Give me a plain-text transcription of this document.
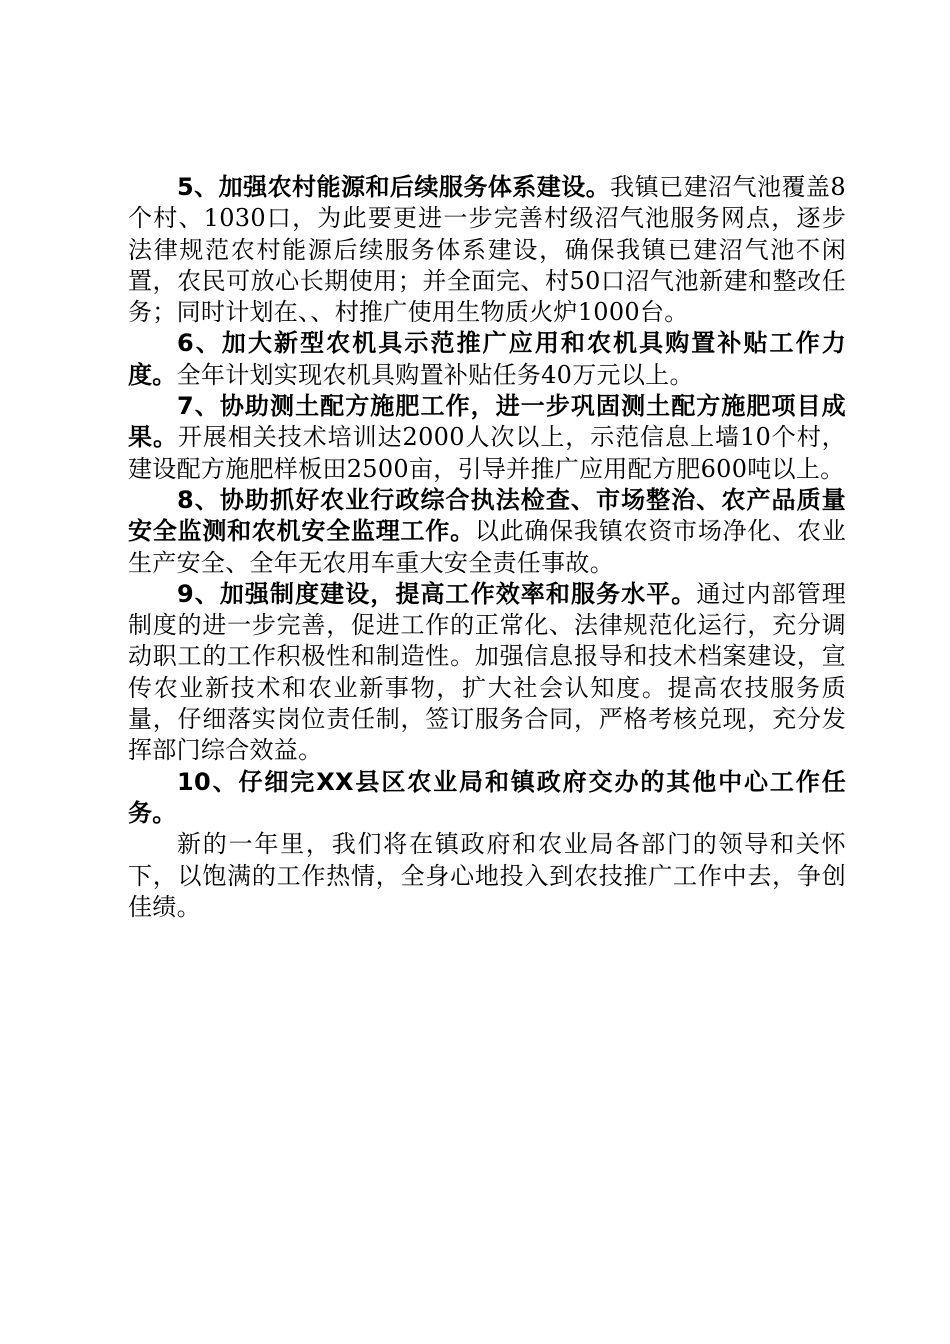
5、加强农村能源和后续服务体系建设。我镇已建沼气池覆盖8个村、1030口，为此要更进一步完善村级沼气池服务网点，逐步法律规范农村能源后续服务体系建设，确保我镇已建沼气池不闲置，农民可放心长期使用；并全面完、村50口沼气池新建和整改任务；同时计划在、、村推广使用生物质火炉1000台。

6、加大新型农机具示范推广应用和农机具购置补贴工作力度。全年计划实现农机具购置补贴任务40万元以上。

7、协助测土配方施肥工作，进一步巩固测土配方施肥项目成果。开展相关技术培训达2000人次以上，示范信息上墙10个村，建设配方施肥样板田2500亩，引导并推广应用配方肥600吨以上。

8、协助抓好农业行政综合执法检查、市场整治、农产品质量安全监测和农机安全监理工作。以此确保我镇农资市场净化、农业生产安全、全年无农用车重大安全责任事故。

9、加强制度建设，提高工作效率和服务水平。通过内部管理制度的进一步完善，促进工作的正常化、法律规范化运行，充分调动职工的工作积极性和制造性。加强信息报导和技术档案建设，宣传农业新技术和农业新事物，扩大社会认知度。提高农技服务质量，仔细落实岗位责任制，签订服务合同，严格考核兑现，充分发挥部门综合效益。

10、仔细完XX县区农业局和镇政府交办的其他中心工作任务。

新的一年里，我们将在镇政府和农业局各部门的领导和关怀下，以饱满的工作热情，全身心地投入到农技推广工作中去，争创佳绩。
